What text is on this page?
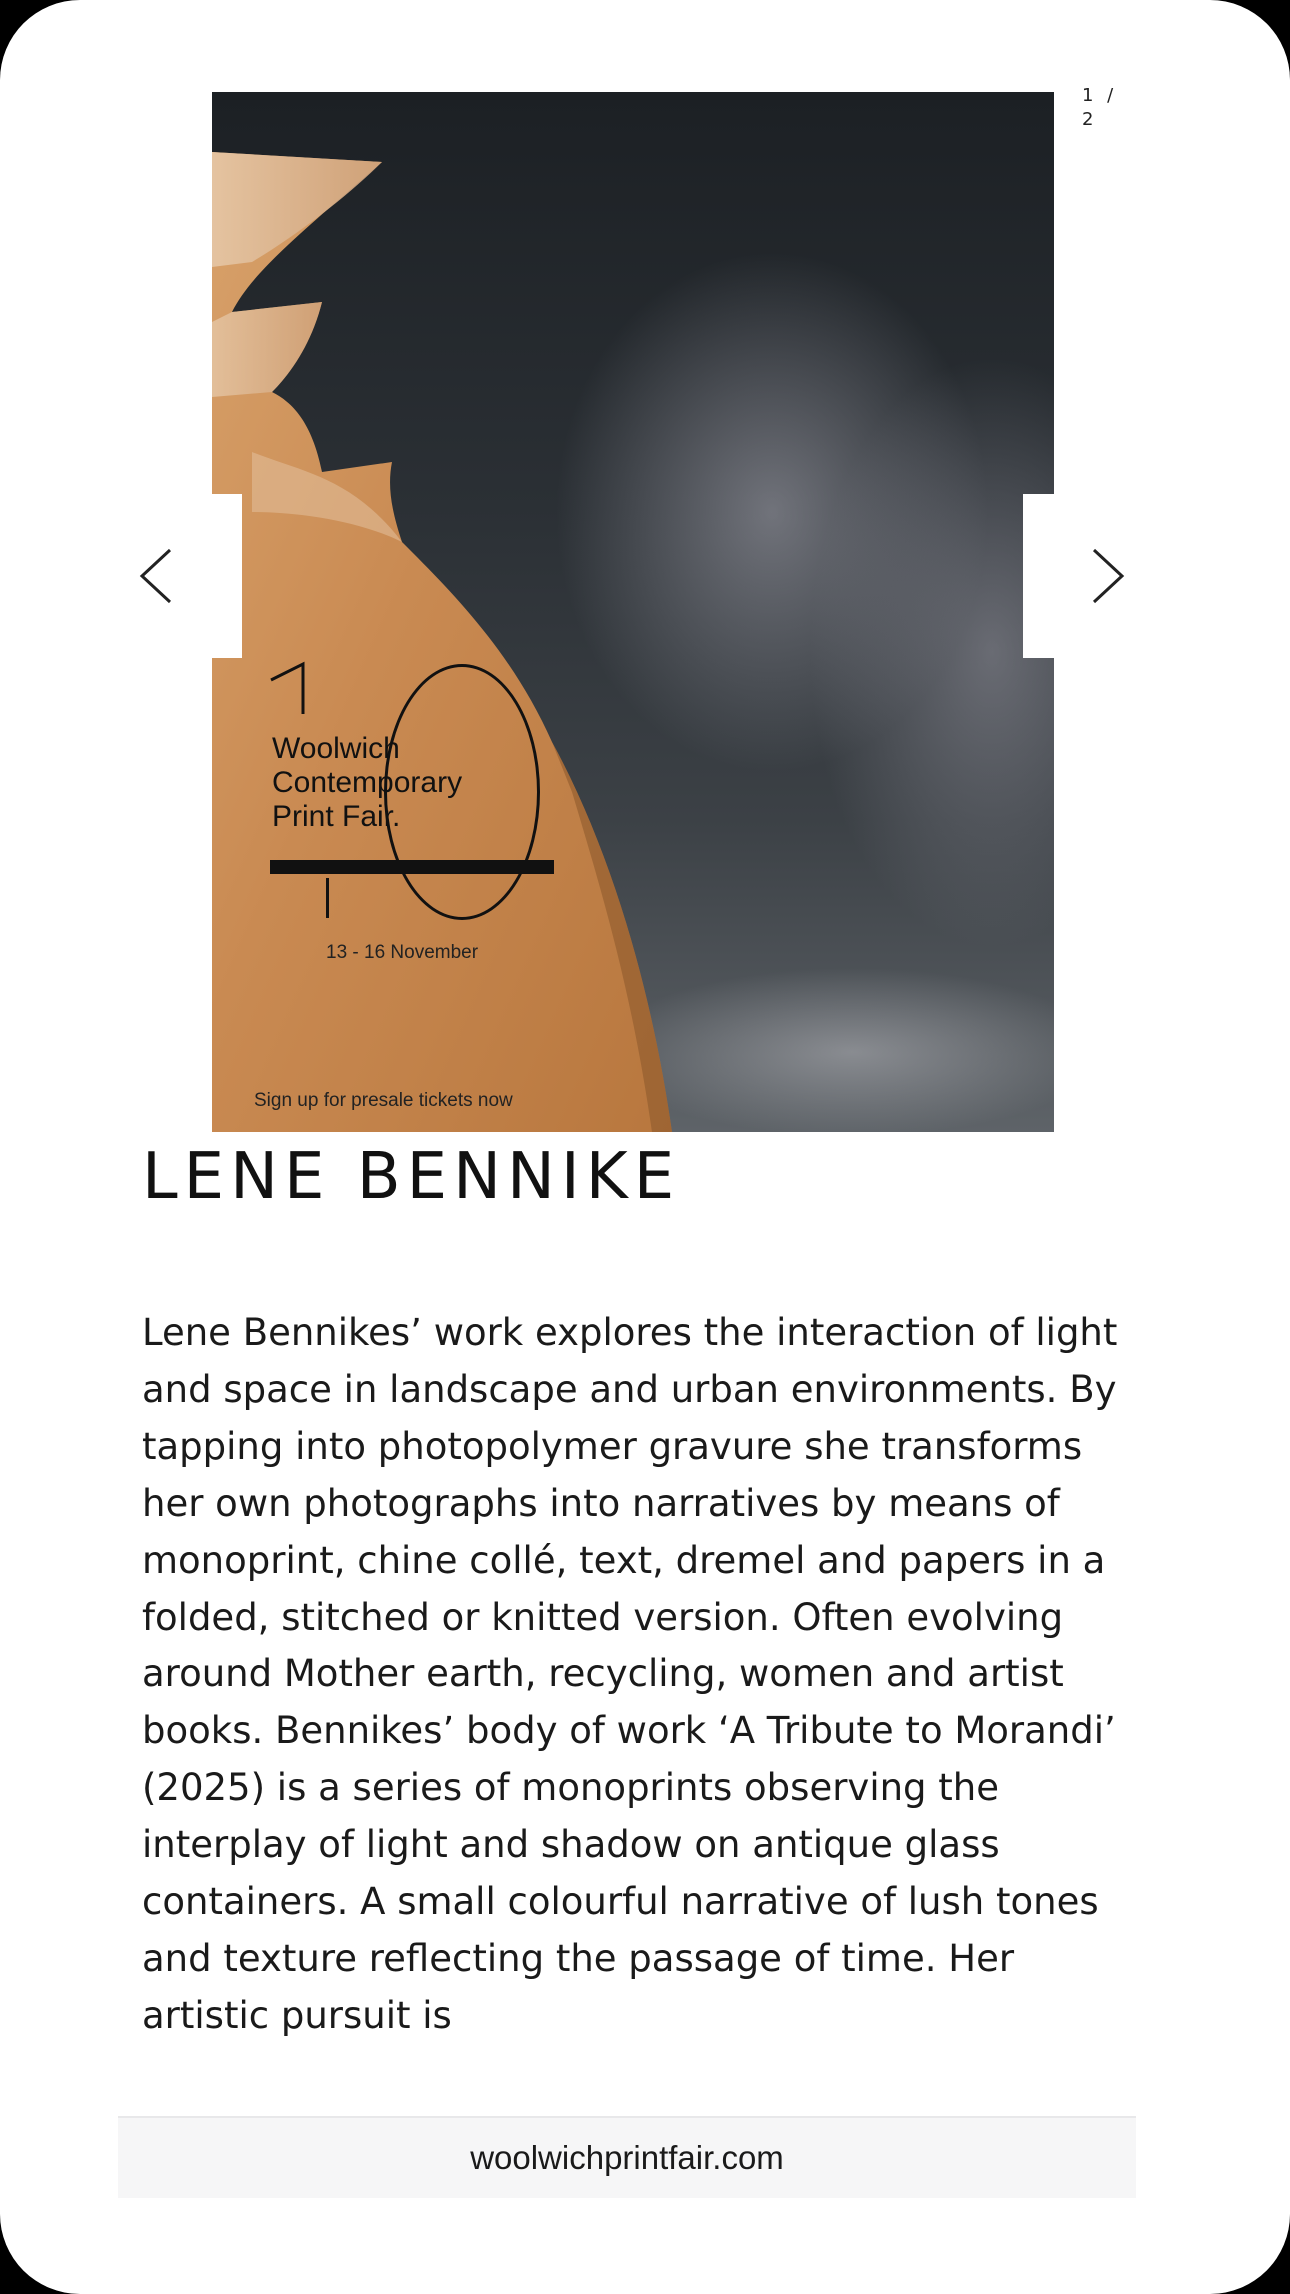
1 / 2
Woolwich
Contemporary
Print Fair.
13 - 16 November
Sign up for presale tickets now
LENE BENNIKE

Lene Bennikes’ work explores the interaction of light and space in landscape and urban environments. By tapping into photopolymer gravure she transforms her own photographs into narratives by means of monoprint, chine collé, text, dremel and papers in a folded, stitched or knitted version. Often evolving around Mother earth, recycling, women and artist books. Bennikes’ body of work ‘A Tribute to Morandi’ (2025) is a series of monoprints observing the interplay of light and shadow on antique glass containers. A small colourful narrative of lush tones and texture reflecting the passage of time. Her artistic pursuit is

woolwichprintfair.com
